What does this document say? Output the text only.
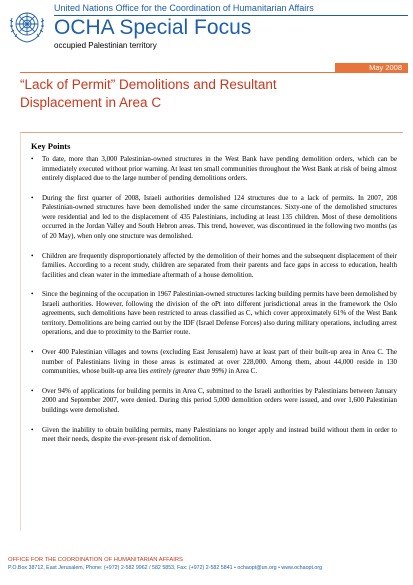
United Nations Office for the Coordination of Humanitarian Affairs
OCHA Special Focus
occupied Palestinian territory
May 2008
“Lack of Permit” Demolitions and Resultant
Displacement in Area C
Key Points
• To date, more than 3,000 Palestinian-owned structures in the West Bank have pending demolition orders, which can be immediately executed without prior warning. At least ten small communities throughout the West Bank at risk of being almost entirely displaced due to the large number of pending demolitions orders.
• During the first quarter of 2008, Israeli authorities demolished 124 structures due to a lack of permits. In 2007, 208 Palestinian-owned structures have been demolished under the same circumstances. Sixty-one of the demolished structures were residential and led to the displacement of 435 Palestinians, including at least 135 children. Most of these demolitions occurred in the Jordan Valley and South Hebron areas. This trend, however, was discontinued in the following two months (as of 20 May), when only one structure was demolished.
• Children are frequently disproportionately affected by the demolition of their homes and the subsequent displacement of their families. According to a recent study, children are separated from their parents and face gaps in access to education, health facilities and clean water in the immediate aftermath of a house demolition.
• Since the beginning of the occupation in 1967 Palestinian-owned structures lacking building permits have been demolished by Israeli authorities. However, following the division of the oPt into different jurisdictional areas in the framework the Oslo agreements, such demolitions have been restricted to areas classified as C, which cover approximately 61% of the West Bank territory. Demolitions are being carried out by the IDF (Israel Defense Forces) also during military operations, including arrest operations, and due to proximity to the Barrier route.
• Over 400 Palestinian villages and towns (excluding East Jerusalem) have at least part of their built-up area in Area C. The number of Palestinians living in those areas is estimated at over 228,000. Among them, about 44,000 reside in 130 communities, whose built-up area lies entirely (greater than 99%) in Area C.
• Over 94% of applications for building permits in Area C, submitted to the Israeli authorities by Palestinians between January 2000 and September 2007, were denied. During this period 5,000 demolition orders were issued, and over 1,600 Palestinian buildings were demolished.
• Given the inability to obtain building permits, many Palestinians no longer apply and instead build without them in order to meet their needs, despite the ever-present risk of demolition.
OFFICE FOR THE COORDINATION OF HUMANITARIAN AFFAIRS
P.O.Box 38712, East Jerusalem, Phone: (+972) 2-582 9962 / 582 5853, Fax: (+972) 2-582 5841 • ochaopt@un.org • www.ochaopt.org
